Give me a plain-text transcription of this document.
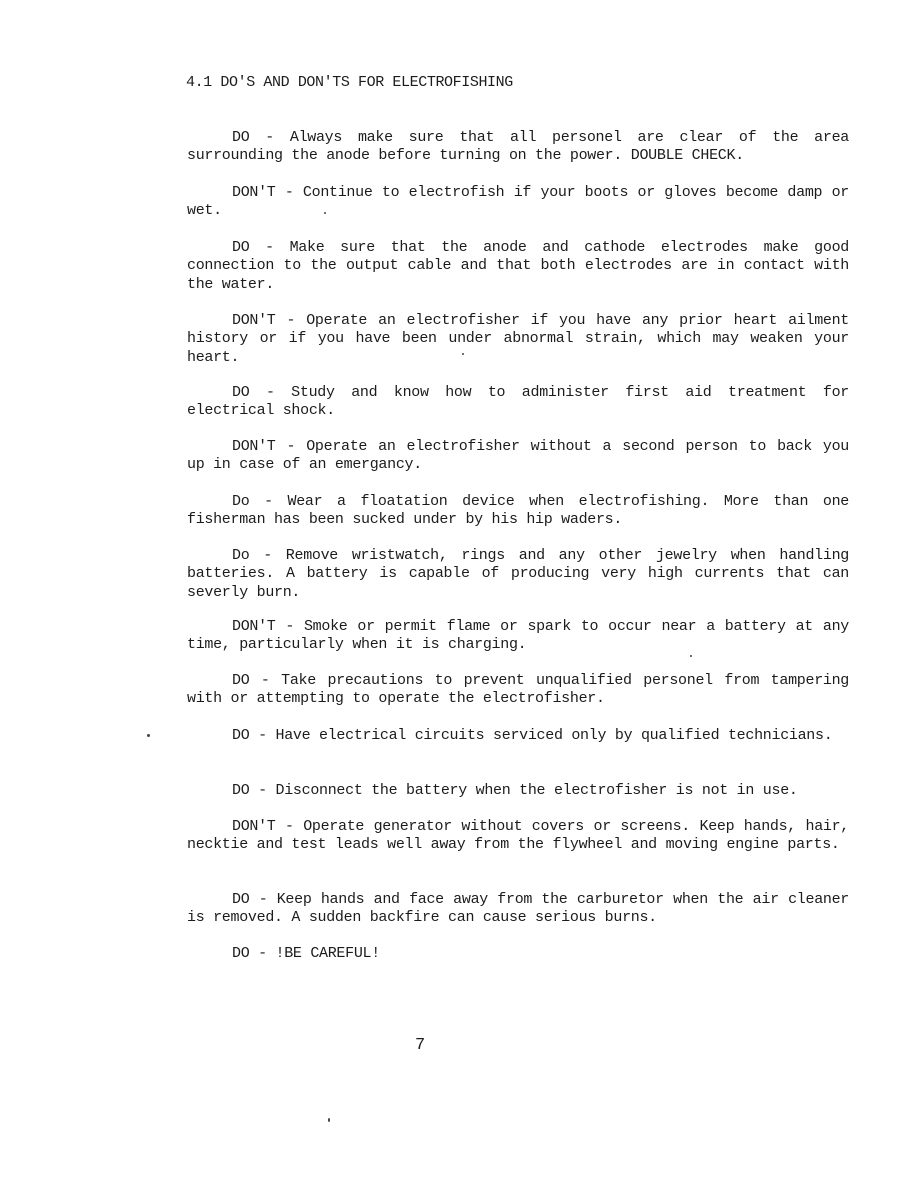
4.1 DO'S AND DON'TS FOR ELECTROFISHING

DO - Always make sure that all personel are clear of the area surrounding the anode before turning on the power. DOUBLE CHECK.

DON'T - Continue to electrofish if your boots or gloves become damp or wet.

DO - Make sure that the anode and cathode electrodes make good connection to the output cable and that both electrodes are in contact with the water.

DON'T - Operate an electrofisher if you have any prior heart ailment history or if you have been under abnormal strain, which may weaken your heart.

DO - Study and know how to administer first aid treatment for electrical shock.

DON'T - Operate an electrofisher without a second person to back you up in case of an emergancy.

Do - Wear a floatation device when electrofishing. More than one fisherman has been sucked under by his hip waders.

Do - Remove wristwatch, rings and any other jewelry when handling batteries. A battery is capable of producing very high currents that can severly burn.

DON'T - Smoke or permit flame or spark to occur near a battery at any time, particularly when it is charging.

DO - Take precautions to prevent unqualified personel from tampering with or attempting to operate the electrofisher.

DO - Have electrical circuits serviced only by qualified technicians.

DO - Disconnect the battery when the electrofisher is not in use.

DON'T - Operate generator without covers or screens. Keep hands, hair, necktie and test leads well away from the flywheel and moving engine parts.

DO - Keep hands and face away from the carburetor when the air cleaner is removed. A sudden backfire can cause serious burns.

DO - !BE CAREFUL!

7
